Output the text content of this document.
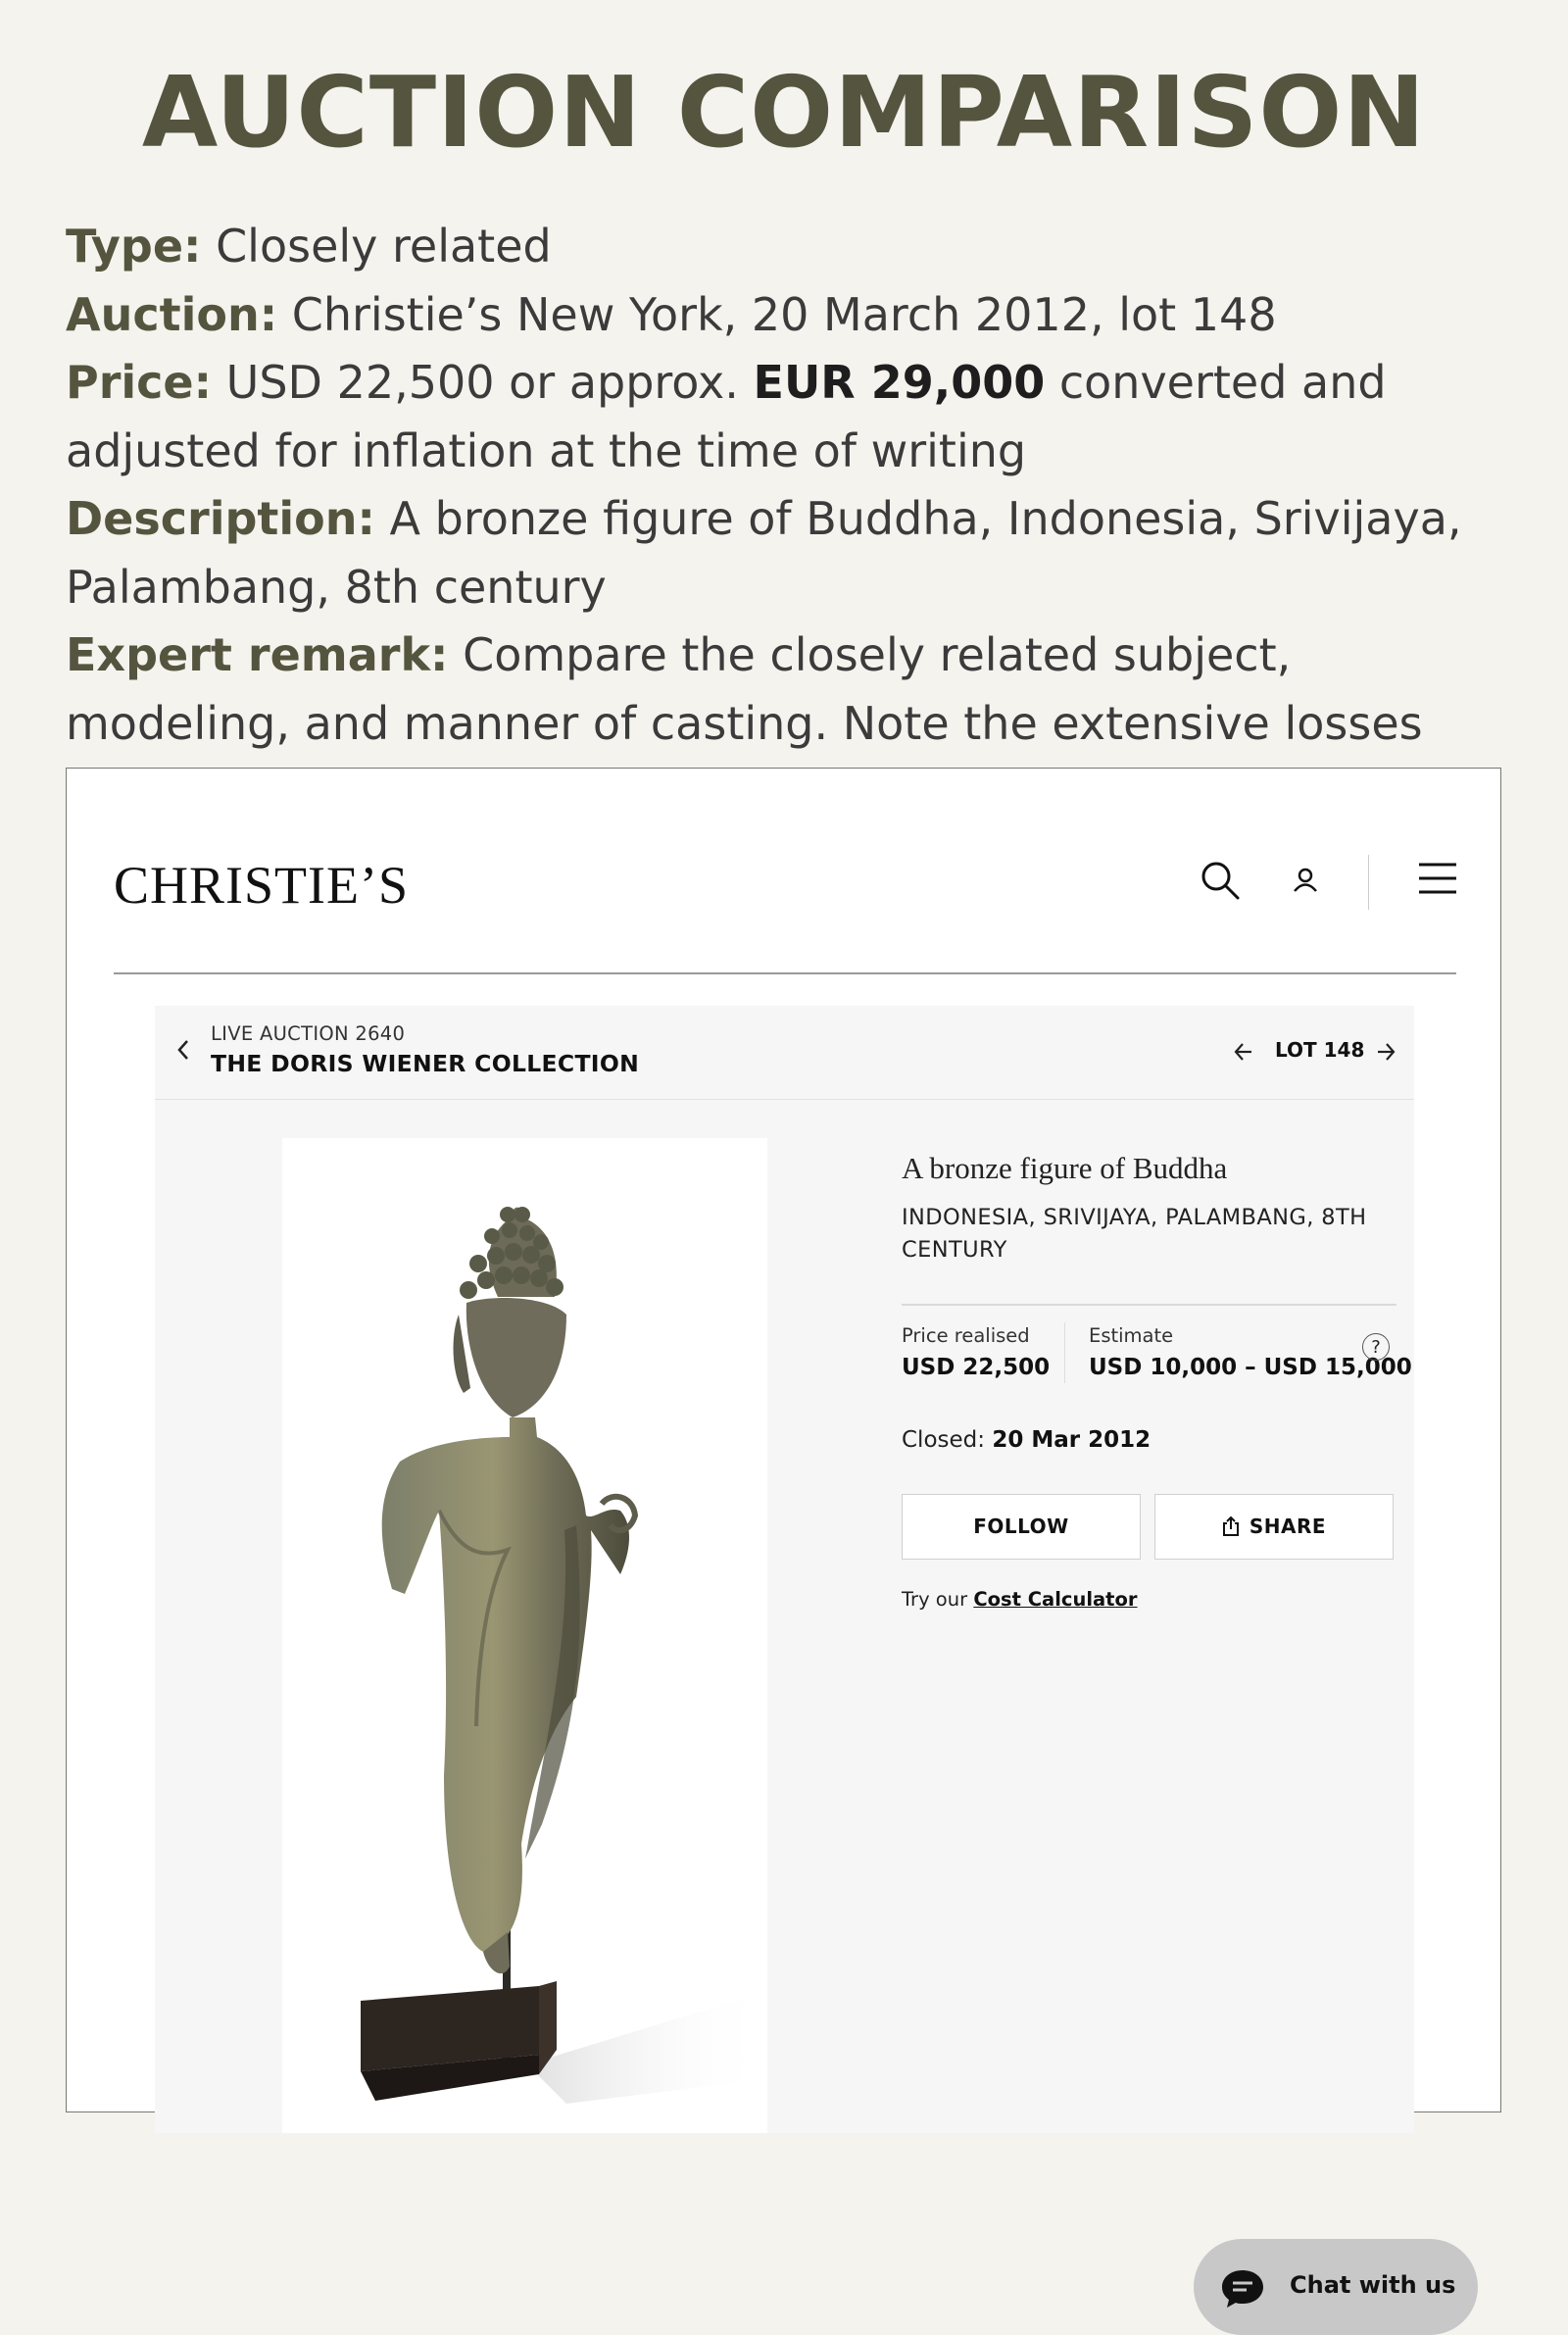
AUCTION COMPARISON

Type: Closely related

Auction: Christie’s New York, 20 March 2012, lot 148

Price: USD 22,500 or approx. EUR 29,000 converted and adjusted for inflation at the time of writing

Description: A bronze figure of Buddha, Indonesia, Srivijaya, Palambang, 8th century

Expert remark: Compare the closely related subject, modeling, and manner of casting. Note the extensive losses

CHRISTIE’S
LIVE AUCTION 2640
THE DORIS WIENER COLLECTION	LOT 148
A bronze figure of Buddha
INDONESIA, SRIVIJAYA, PALAMBANG, 8TH CENTURY
Price realised
USD 22,500
Estimate
USD 10,000 – USD 15,000
?
Closed: 20 Mar 2012
FOLLOW	SHARE
Try our Cost Calculator
Chat with us
